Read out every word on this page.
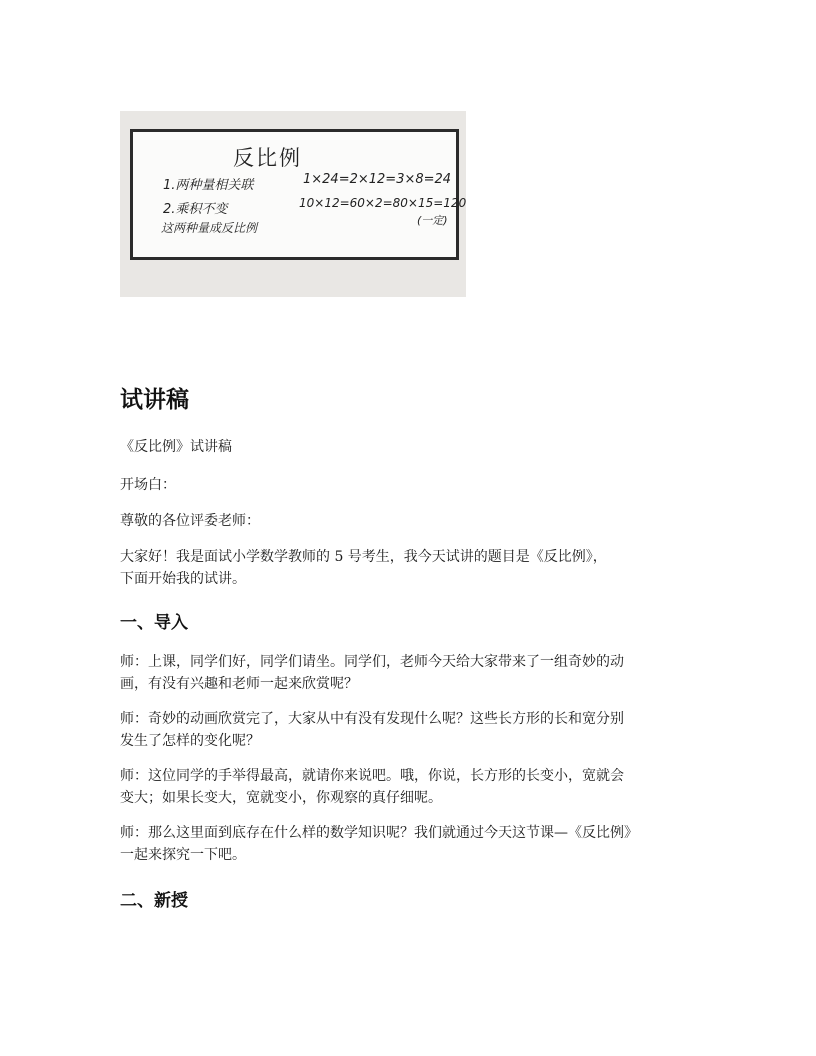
反比例
1.两种量相关联
2.乘积不变
这两种量成反比例
1×24=2×12=3×8=24
10×12=60×2=80×15=120
(一定)
试讲稿

《反比例》试讲稿

开场白：

尊敬的各位评委老师：

大家好！我是面试小学数学教师的 5 号考生，我今天试讲的题目是《反比例》，
下面开始我的试讲。

一、导入

师：上课，同学们好，同学们请坐。同学们，老师今天给大家带来了一组奇妙的动
画，有没有兴趣和老师一起来欣赏呢？

师：奇妙的动画欣赏完了，大家从中有没有发现什么呢？这些长方形的长和宽分别
发生了怎样的变化呢？

师：这位同学的手举得最高，就请你来说吧。哦，你说，长方形的长变小，宽就会
变大；如果长变大，宽就变小，你观察的真仔细呢。

师：那么这里面到底存在什么样的数学知识呢？我们就通过今天这节课—《反比例》
一起来探究一下吧。

二、新授
